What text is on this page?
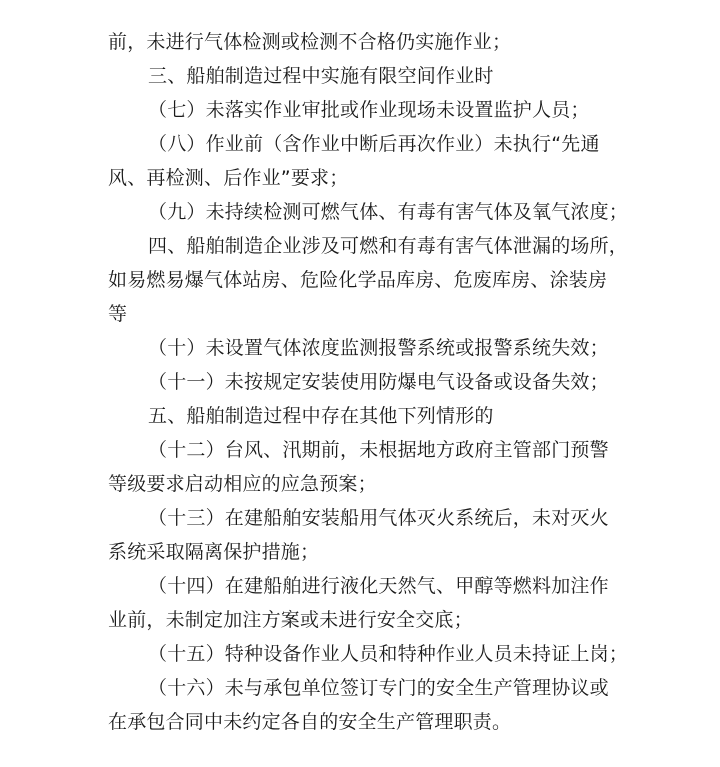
前，未进行气体检测或检测不合格仍实施作业；
三、船舶制造过程中实施有限空间作业时
（七）未落实作业审批或作业现场未设置监护人员；
（八）作业前（含作业中断后再次作业）未执行“先通
风、再检测、后作业”要求；
（九）未持续检测可燃气体、有毒有害气体及氧气浓度；
四、船舶制造企业涉及可燃和有毒有害气体泄漏的场所，
如易燃易爆气体站房、危险化学品库房、危废库房、涂装房
等
（十）未设置气体浓度监测报警系统或报警系统失效；
（十一）未按规定安装使用防爆电气设备或设备失效；
五、船舶制造过程中存在其他下列情形的
（十二）台风、汛期前，未根据地方政府主管部门预警
等级要求启动相应的应急预案；
（十三）在建船舶安装船用气体灭火系统后，未对灭火
系统采取隔离保护措施；
（十四）在建船舶进行液化天然气、甲醇等燃料加注作
业前，未制定加注方案或未进行安全交底；
（十五）特种设备作业人员和特种作业人员未持证上岗；
（十六）未与承包单位签订专门的安全生产管理协议或
在承包合同中未约定各自的安全生产管理职责。
